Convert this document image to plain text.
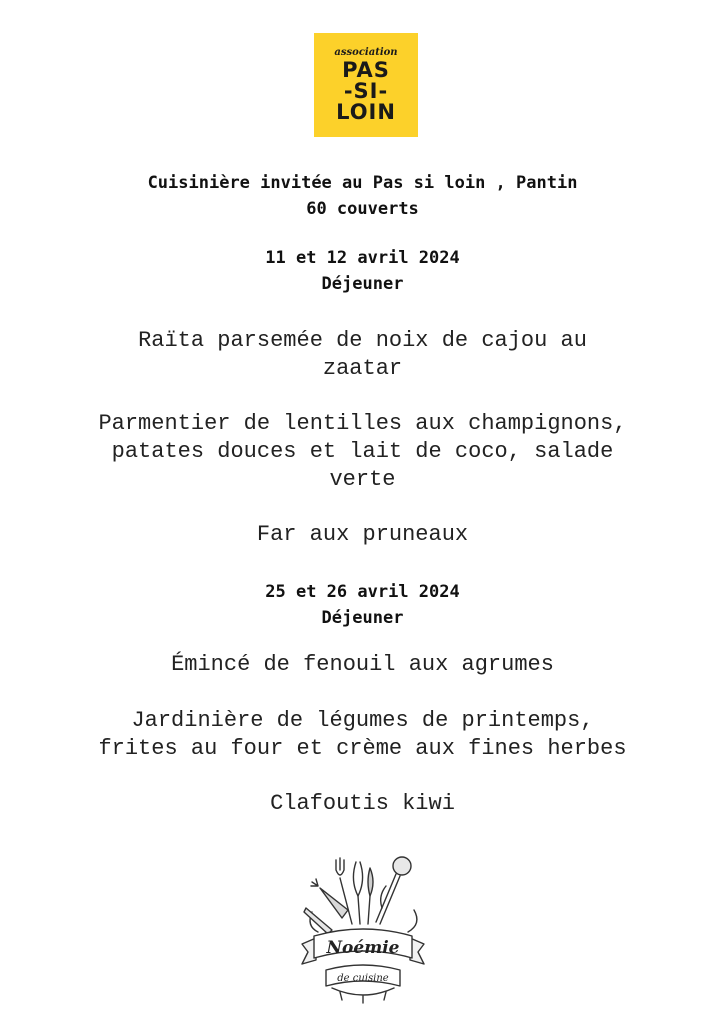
association
PAS
-SI-
LOIN
Cuisinière invitée au Pas si loin , Pantin
60 couverts
11 et 12 avril 2024
Déjeuner
Raïta parsemée de noix de cajou au
zaatar
Parmentier de lentilles aux champignons,
patates douces et lait de coco, salade
verte
Far aux pruneaux
25 et 26 avril 2024
Déjeuner
Émincé de fenouil aux agrumes
Jardinière de légumes de printemps,
frites au four et crème aux fines herbes
Clafoutis kiwi
Noémie
de cuisine
